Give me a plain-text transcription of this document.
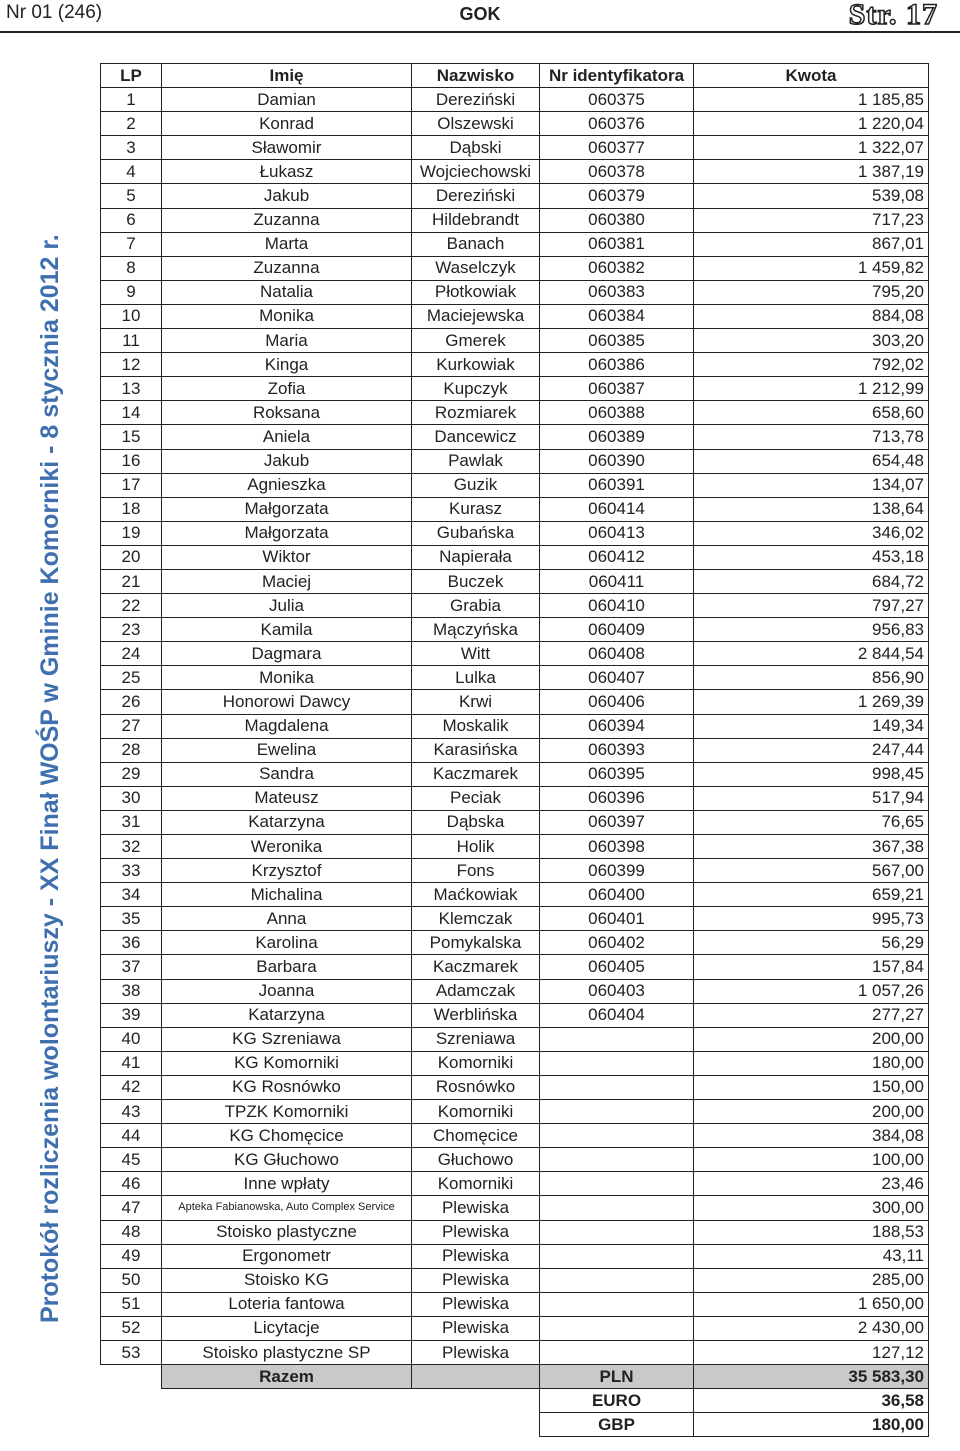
Nr 01 (246)	GOK	Str. 17
Protokół rozliczenia wolontariuszy - XX Finał WOŚP w Gminie Komorniki - 8 stycznia 2012 r.
LP	Imię	Nazwisko	Nr identyfikatora	Kwota
1	Damian	Dereziński	060375	1 185,85
2	Konrad	Olszewski	060376	1 220,04
3	Sławomir	Dąbski	060377	1 322,07
4	Łukasz	Wojciechowski	060378	1 387,19
5	Jakub	Dereziński	060379	539,08
6	Zuzanna	Hildebrandt	060380	717,23
7	Marta	Banach	060381	867,01
8	Zuzanna	Waselczyk	060382	1 459,82
9	Natalia	Płotkowiak	060383	795,20
10	Monika	Maciejewska	060384	884,08
11	Maria	Gmerek	060385	303,20
12	Kinga	Kurkowiak	060386	792,02
13	Zofia	Kupczyk	060387	1 212,99
14	Roksana	Rozmiarek	060388	658,60
15	Aniela	Dancewicz	060389	713,78
16	Jakub	Pawlak	060390	654,48
17	Agnieszka	Guzik	060391	134,07
18	Małgorzata	Kurasz	060414	138,64
19	Małgorzata	Gubańska	060413	346,02
20	Wiktor	Napierała	060412	453,18
21	Maciej	Buczek	060411	684,72
22	Julia	Grabia	060410	797,27
23	Kamila	Mączyńska	060409	956,83
24	Dagmara	Witt	060408	2 844,54
25	Monika	Lulka	060407	856,90
26	Honorowi Dawcy	Krwi	060406	1 269,39
27	Magdalena	Moskalik	060394	149,34
28	Ewelina	Karasińska	060393	247,44
29	Sandra	Kaczmarek	060395	998,45
30	Mateusz	Peciak	060396	517,94
31	Katarzyna	Dąbska	060397	76,65
32	Weronika	Holik	060398	367,38
33	Krzysztof	Fons	060399	567,00
34	Michalina	Maćkowiak	060400	659,21
35	Anna	Klemczak	060401	995,73
36	Karolina	Pomykalska	060402	56,29
37	Barbara	Kaczmarek	060405	157,84
38	Joanna	Adamczak	060403	1 057,26
39	Katarzyna	Werblińska	060404	277,27
40	KG Szreniawa	Szreniawa		200,00
41	KG Komorniki	Komorniki		180,00
42	KG Rosnówko	Rosnówko		150,00
43	TPZK Komorniki	Komorniki		200,00
44	KG Chomęcice	Chomęcice		384,08
45	KG Głuchowo	Głuchowo		100,00
46	Inne wpłaty	Komorniki		23,46
47	Apteka Fabianowska, Auto Complex Service	Plewiska		300,00
48	Stoisko plastyczne	Plewiska		188,53
49	Ergonometr	Plewiska		43,11
50	Stoisko KG	Plewiska		285,00
51	Loteria fantowa	Plewiska		1 650,00
52	Licytacje	Plewiska		2 430,00
53	Stoisko plastyczne SP	Plewiska		127,12
	Razem		PLN	35 583,30
			EURO	36,58
			GBP	180,00
